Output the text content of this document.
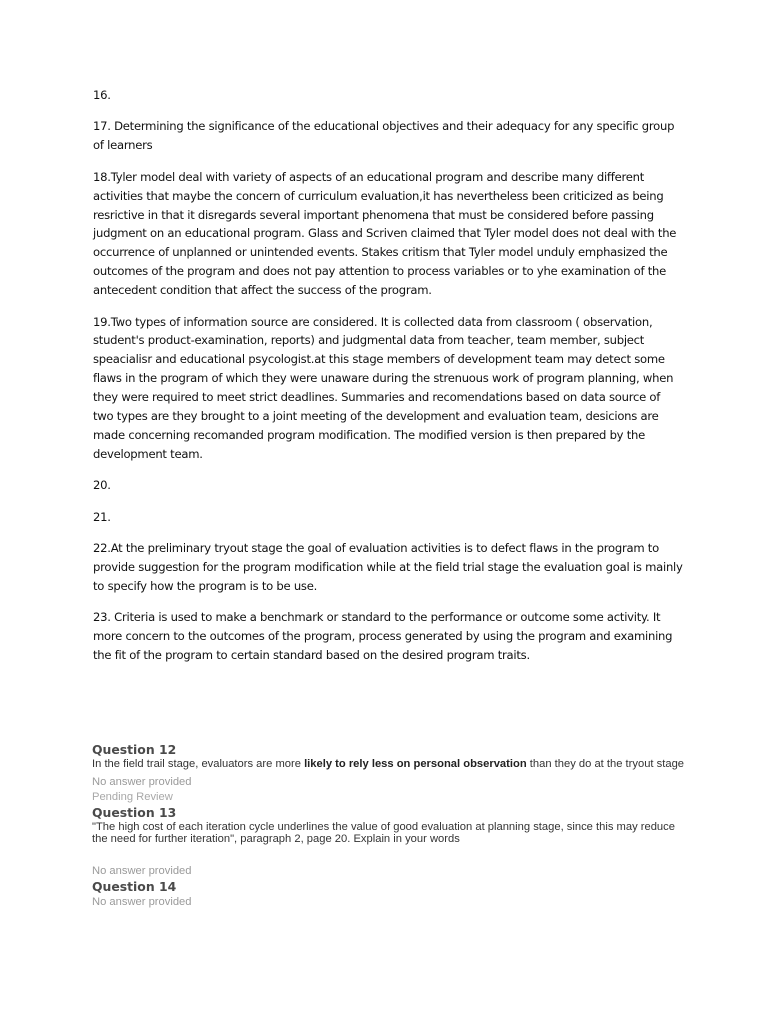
16.

17. Determining the significance of the educational objectives and their adequacy for any specific group of learners

18.Tyler model deal with variety of aspects of an educational program and describe many different activities that maybe the concern of curriculum evaluation,it has nevertheless been criticized as being resrictive in that it disregards several important phenomena that must be considered before passing judgment on an educational program. Glass and Scriven claimed that Tyler model does not deal with the occurrence of unplanned or unintended events. Stakes critism that Tyler model unduly emphasized the outcomes of the program and does not pay attention to process variables or to yhe examination of the antecedent condition that affect the success of the program.

19.Two types of information source are considered. It is collected data from classroom ( observation, student's product-examination, reports) and judgmental data from teacher, team member, subject speacialisr and educational psycologist.at this stage members of development team may detect some flaws in the program of which they were unaware during the strenuous work of program planning, when they were required to meet strict deadlines. Summaries and recomendations based on data source of two types are they brought to a joint meeting of the development and evaluation team, desicions are made concerning recomanded program modification. The modified version is then prepared by the development team.

20.

21.

22.At the preliminary tryout stage the goal of evaluation activities is to defect flaws in the program to provide suggestion for the program modification while at the field trial stage the evaluation goal is mainly to specify how the program is to be use.

23. Criteria is used to make a benchmark or standard to the performance or outcome some activity. It more concern to the outcomes of the program, process generated by using the program and examining the fit of the program to certain standard based on the desired program traits.

Question 12

In the field trail stage, evaluators are more likely to rely less on personal observation than they do at the tryout stage

No answer provided

Pending Review

Question 13

"The high cost of each iteration cycle underlines the value of good evaluation at planning stage, since this may reduce the need for further iteration", paragraph 2, page 20. Explain in your words

No answer provided

Question 14

No answer provided
